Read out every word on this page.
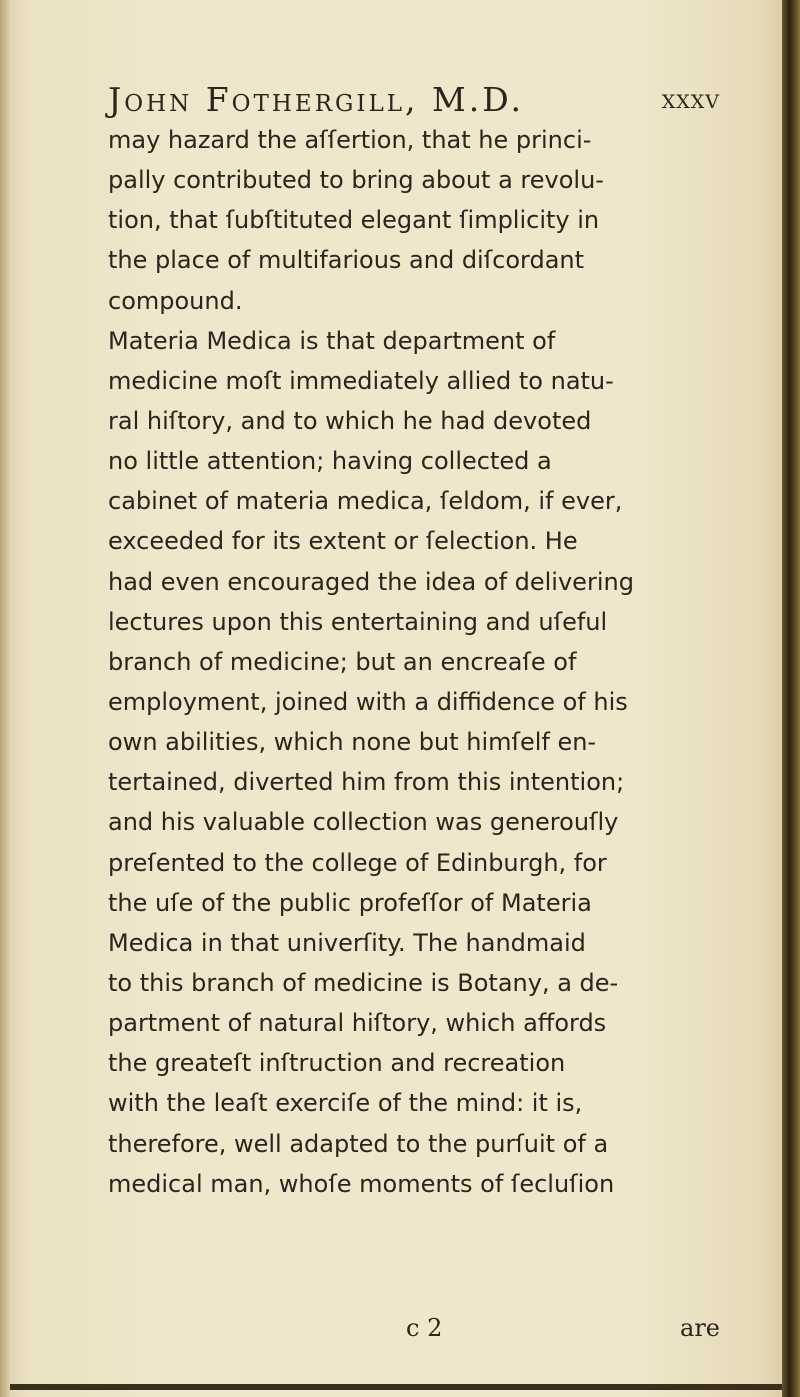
John Fothergill, M.D.	xxxv
may hazard the aſſertion, that he princi-
pally contributed to bring about a revolu-
tion, that ſubſtituted elegant ſimplicity in
the place of multifarious and diſcordant
compound.
Materia Medica is that department of
medicine moſt immediately allied to natu-
ral hiſtory, and to which he had devoted
no little attention; having collected a
cabinet of materia medica, ſeldom, if ever,
exceeded for its extent or ſelection. He
had even encouraged the idea of delivering
lectures upon this entertaining and uſeful
branch of medicine; but an encreaſe of
employment, joined with a diffidence of his
own abilities, which none but himſelf en-
tertained, diverted him from this intention;
and his valuable collection was generouſly
preſented to the college of Edinburgh, for
the uſe of the public profeſſor of Materia
Medica in that univerſity. The handmaid
to this branch of medicine is Botany, a de-
partment of natural hiſtory, which affords
the greateſt inſtruction and recreation
with the leaſt exerciſe of the mind: it is,
therefore, well adapted to the purſuit of a
medical man, whoſe moments of ſecluſion
c 2	are
